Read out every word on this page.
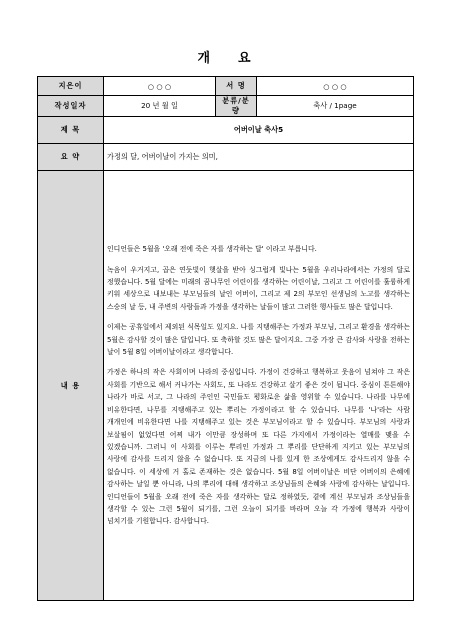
개 요
지은이	○ ○ ○	서 명	○ ○ ○
작성일자	20 년 월 일	분류/분량	축사 / 1page
제 목	어버이날 축사5		
요 약	가정의 달, 어버이날이 가지는 의미,		
내 용	인디언들은 5월을 '오래 전에 죽은 자를 생각하는 달' 이라고 부릅니다.

녹음이 우거지고, 곱은 연둣빛이 햇살을 받아 싱그럽게 빛나는 5월을 우리나라에서는 가정의 달로 정했습니다. 5월 달에는 미래의 꿈나무인 어린이를 생각하는 어린이날, 그리고 그 어린이를 훌륭하게 키워 세상으로 내보내는 부모님들의 날인 어버이, 그리고 제 2의 부모인 선생님의 노고를 생각하는 스승의 날 등, 내 주변의 사람들과 가정을 생각하는 날들이 많고 그러한 행사들도 많은 달입니다.

이제는 공휴일에서 제외된 식목일도 있지요. 나를 지탱해주는 가정과 부모님, 그리고 환경을 생각하는 5월은 감사할 것이 많은 달입니다. 또 축하할 것도 많은 달이지요. 그중 가장 큰 감사와 사랑을 전하는 날이 5월 8일 어버이날이라고 생각합니다.

가정은 하나의 작은 사회이며 나라의 중심입니다. 가정이 건강하고 행복하고 웃음이 넘쳐야 그 작은 사회를 기반으로 해서 커나가는 사회도, 또 나라도 건강하고 살기 좋은 것이 됩니다. 중심이 튼튼해야 나라가 바로 서고, 그 나라의 주인인 국민들도 평화로운 삶을 영위할 수 있습니다. 나라를 나무에 비유한다면, 나무를 지탱해주고 있는 뿌리는 가정이라고 할 수 있습니다. 나무를 '나'라는 사람 개개인에 비유한다면 나를 지탱해주고 있는 것은 부모님이라고 할 수 있습니다. 부모님의 사랑과 보살핌이 없었다면 어찌 내가 이만큼 장성하며 또 다른 가지에서 가정이라는 열매를 맺을 수 있겠습니까. 그러니 이 사회를 이루는 뿌리인 가정과 그 뿌리를 단단하게 지키고 있는 부모님의 사랑에 감사를 드리지 않을 수 없습니다. 또 지금의 나를 있게 한 조상에게도 감사드리지 않을 수 없습니다. 이 세상에 거 홀로 존재하는 것은 없습니다. 5월 8일 어버이날은 비단 어버이의 은혜에 감사하는 날일 뿐 아니라, 나의 뿌리에 대해 생각하고 조상님들의 은혜와 사랑에 감사하는 날입니다. 인디언들이 5월을 오래 전에 죽은 자를 생각하는 달로 정하였듯, 곁에 계신 부모님과 조상님들을 생각할 수 있는 그런 5월이 되기를, 그런 오늘이 되기를 바라며 오늘 각 가정에 행복과 사랑이 넘치기를 기원합니다. 감사합니다.		
